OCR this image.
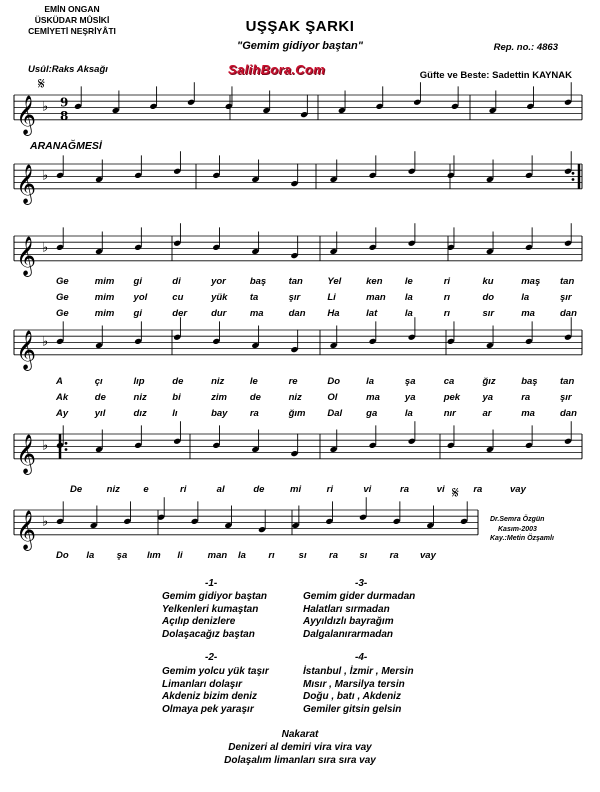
EMİN ONGAN
ÜSKÜDAR MÛSİKİ
CEMİYETİ NEŞRİYÂTI	UŞŞAK ŞARKI
"Gemim gidiyor baştan"	Rep. no.: 4863
Usûl:Raks Aksağı	SalihBora.Com	Güfte ve Beste: Sadettin KAYNAK
ARANAĞMESİ
𝄞 ♭ 9
8
𝄋
𝄞 ♭
𝄞 ♭
𝄞 ♭
𝄞 ♭
𝄞 ♭
𝄋
Ge	mim gi	di	yor	baş tan	Yel	ken le	ri	ku	maş tan
Ge	mim yol	cu	yük ta	şır	Li	man la	rı	do	la	şır
Ge	mim gi	der	dur ma	dan Ha	lat	la	rı	sır	ma	dan
A	çı	lıp	de	niz	le	re	Do	la	şa	ca	ğız	baş tan
Ak	de	niz	bi	zim de	niz	Ol	ma	ya	pek ya	ra	şır
Ay	yıl	dız	lı	bay ra	ğım Dal	ga	la	nır	ar	ma	dan
De	niz e	ri	al	de	mi	ri	vi	ra	vi	ra	vay
Do la şa lım li	man la rı	sı ra sı ra vay
Dr.Semra Özgün
Kasım-2003
Kay.:Metin Özşamlı
-1-
Gemim gidiyor baştan
Yelkenleri kumaştan
Açılıp denizlere
Dolaşacağız baştan
-3-
Gemim gider durmadan
Halatları sırmadan
Ayyıldızlı bayrağım
Dalgalanırarmadan
-2-
Gemim yolcu yük taşır
Limanları dolaşır
Akdeniz bizim deniz
Olmaya pek yaraşır
-4-
İstanbul , İzmir , Mersin
Mısır , Marsilya tersin
Doğu , batı , Akdeniz
Gemiler gitsin gelsin
Nakarat
Denizeri al demiri vira vira vay
Dolaşalım limanları sıra sıra vay
